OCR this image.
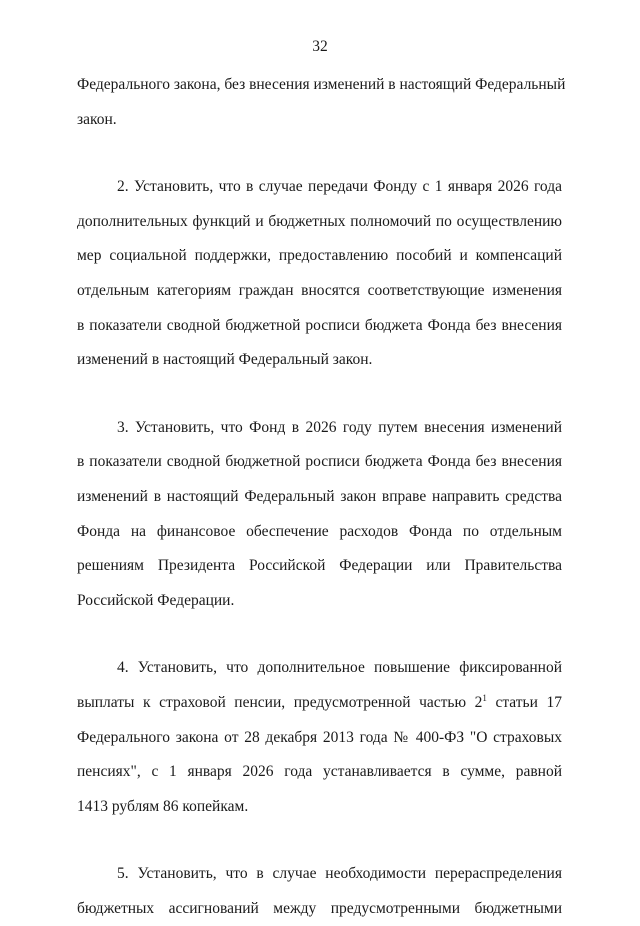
32
Федерального закона, без внесения изменений в настоящий Федеральный
закон.
2. Установить, что в случае передачи Фонду с 1 января 2026 года
дополнительных функций и бюджетных полномочий по осуществлению
мер социальной поддержки, предоставлению пособий и компенсаций
отдельным категориям граждан вносятся соответствующие изменения
в показатели сводной бюджетной росписи бюджета Фонда без внесения
изменений в настоящий Федеральный закон.
3. Установить, что Фонд в 2026 году путем внесения изменений
в показатели сводной бюджетной росписи бюджета Фонда без внесения
изменений в настоящий Федеральный закон вправе направить средства
Фонда на финансовое обеспечение расходов Фонда по отдельным
решениям Президента Российской Федерации или Правительства
Российской Федерации.
4. Установить, что дополнительное повышение фиксированной
выплаты к страховой пенсии, предусмотренной частью $2^1$ статьи 17
Федерального закона от 28 декабря 2013 года № 400-ФЗ "О страховых
пенсиях", с 1 января 2026 года устанавливается в сумме, равной
1413 рублям 86 копейкам.
5. Установить, что в случае необходимости перераспределения
бюджетных ассигнований между предусмотренными бюджетными
